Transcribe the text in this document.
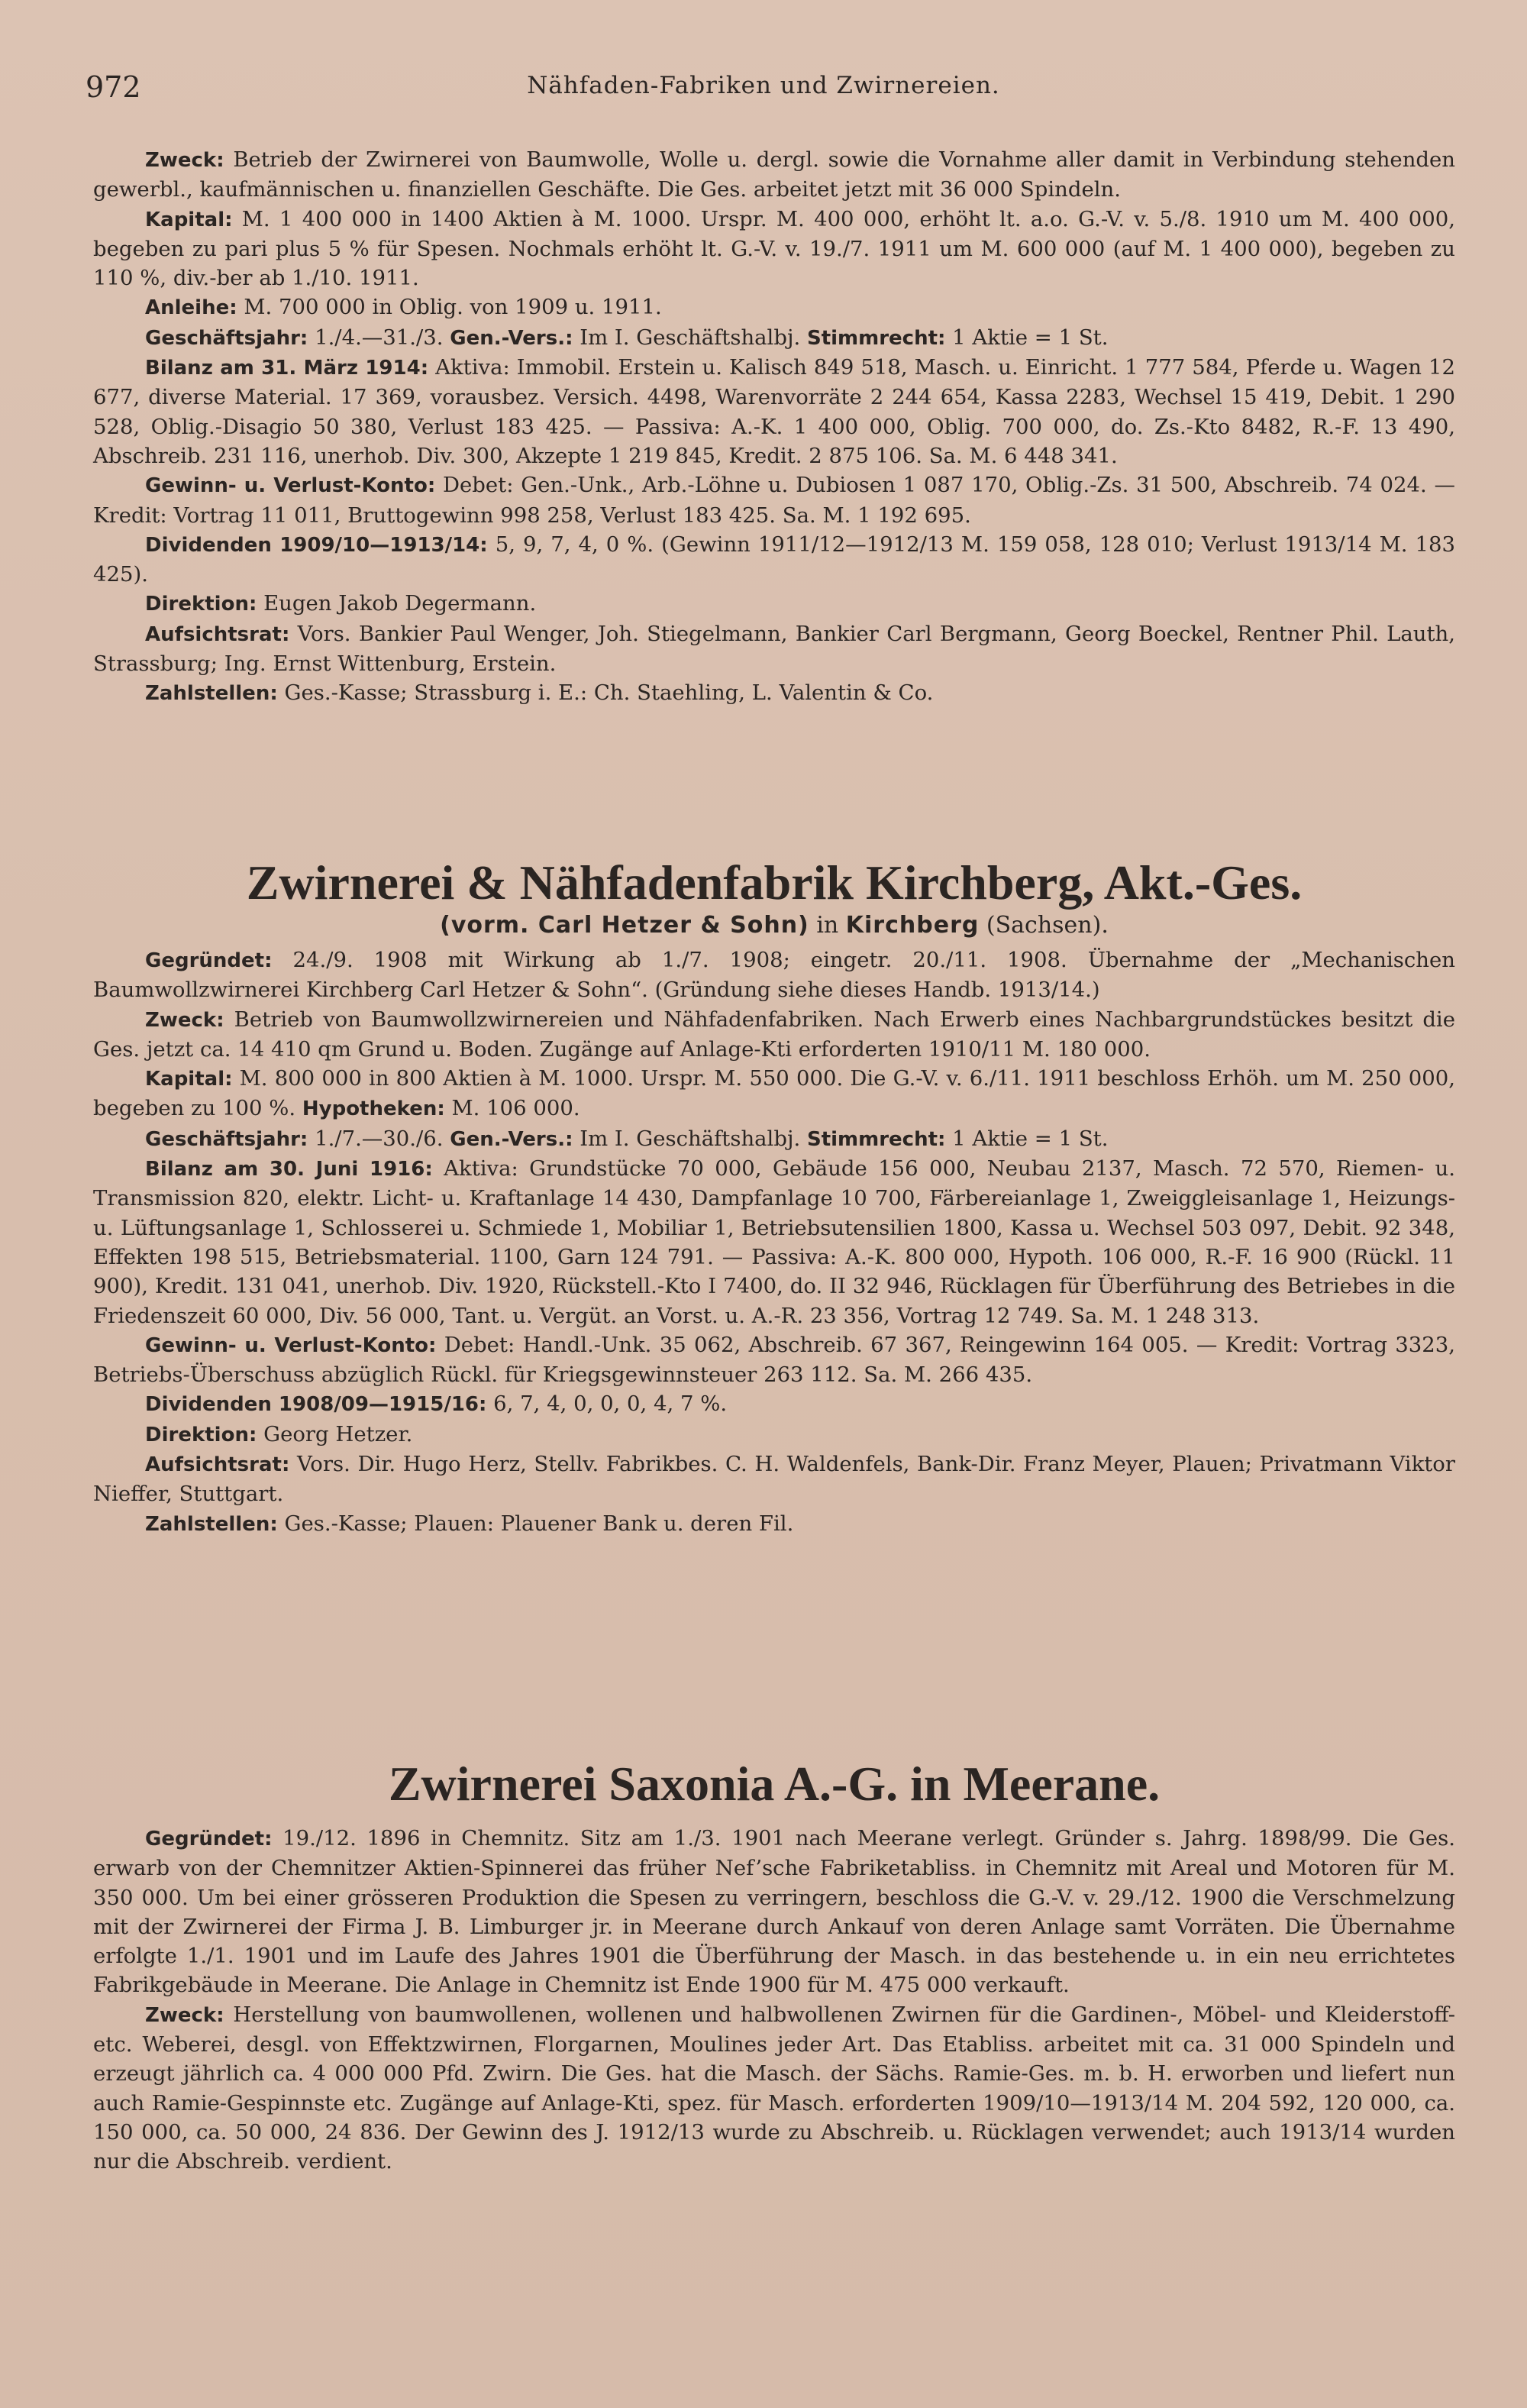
972	Nähfaden-Fabriken und Zwirnereien.

Zweck: Betrieb der Zwirnerei von Baumwolle, Wolle u. dergl. sowie die Vornahme aller damit in Verbindung stehenden gewerbl., kaufmännischen u. finanziellen Geschäfte. Die Ges. arbeitet jetzt mit 36 000 Spindeln.

Kapital: M. 1 400 000 in 1400 Aktien à M. 1000. Urspr. M. 400 000, erhöht lt. a.o. G.-V. v. 5./8. 1910 um M. 400 000, begeben zu pari plus 5 % für Spesen. Nochmals erhöht lt. G.-V. v. 19./7. 1911 um M. 600 000 (auf M. 1 400 000), begeben zu 110 %, div.-ber ab 1./10. 1911.

Anleihe: M. 700 000 in Oblig. von 1909 u. 1911.

Geschäftsjahr: 1./4.—31./3. Gen.-Vers.: Im I. Geschäftshalbj. Stimmrecht: 1 Aktie = 1 St.

Bilanz am 31. März 1914: Aktiva: Immobil. Erstein u. Kalisch 849 518, Masch. u. Einricht. 1 777 584, Pferde u. Wagen 12 677, diverse Material. 17 369, vorausbez. Versich. 4498, Warenvorräte 2 244 654, Kassa 2283, Wechsel 15 419, Debit. 1 290 528, Oblig.-Disagio 50 380, Verlust 183 425. — Passiva: A.-K. 1 400 000, Oblig. 700 000, do. Zs.-Kto 8482, R.-F. 13 490, Abschreib. 231 116, unerhob. Div. 300, Akzepte 1 219 845, Kredit. 2 875 106. Sa. M. 6 448 341.

Gewinn- u. Verlust-Konto: Debet: Gen.-Unk., Arb.-Löhne u. Dubiosen 1 087 170, Oblig.-Zs. 31 500, Abschreib. 74 024. — Kredit: Vortrag 11 011, Bruttogewinn 998 258, Verlust 183 425. Sa. M. 1 192 695.

Dividenden 1909/10—1913/14: 5, 9, 7, 4, 0 %. (Gewinn 1911/12—1912/13 M. 159 058, 128 010; Verlust 1913/14 M. 183 425).

Direktion: Eugen Jakob Degermann.

Aufsichtsrat: Vors. Bankier Paul Wenger, Joh. Stiegelmann, Bankier Carl Bergmann, Georg Boeckel, Rentner Phil. Lauth, Strassburg; Ing. Ernst Wittenburg, Erstein.

Zahlstellen: Ges.-Kasse; Strassburg i. E.: Ch. Staehling, L. Valentin & Co.

Zwirnerei & Nähfadenfabrik Kirchberg, Akt.-Ges.

(vorm. Carl Hetzer & Sohn) in Kirchberg (Sachsen).

Gegründet: 24./9. 1908 mit Wirkung ab 1./7. 1908; eingetr. 20./11. 1908. Übernahme der „Mechanischen Baumwollzwirnerei Kirchberg Carl Hetzer & Sohn“. (Gründung siehe dieses Handb. 1913/14.)

Zweck: Betrieb von Baumwollzwirnereien und Nähfadenfabriken. Nach Erwerb eines Nachbargrundstückes besitzt die Ges. jetzt ca. 14 410 qm Grund u. Boden. Zugänge auf Anlage-Kti erforderten 1910/11 M. 180 000.

Kapital: M. 800 000 in 800 Aktien à M. 1000. Urspr. M. 550 000. Die G.-V. v. 6./11. 1911 beschloss Erhöh. um M. 250 000, begeben zu 100 %. Hypotheken: M. 106 000.

Geschäftsjahr: 1./7.—30./6. Gen.-Vers.: Im I. Geschäftshalbj. Stimmrecht: 1 Aktie = 1 St.

Bilanz am 30. Juni 1916: Aktiva: Grundstücke 70 000, Gebäude 156 000, Neubau 2137, Masch. 72 570, Riemen- u. Transmission 820, elektr. Licht- u. Kraftanlage 14 430, Dampfanlage 10 700, Färbereianlage 1, Zweiggleisanlage 1, Heizungs- u. Lüftungsanlage 1, Schlosserei u. Schmiede 1, Mobiliar 1, Betriebsutensilien 1800, Kassa u. Wechsel 503 097, Debit. 92 348, Effekten 198 515, Betriebsmaterial. 1100, Garn 124 791. — Passiva: A.-K. 800 000, Hypoth. 106 000, R.-F. 16 900 (Rückl. 11 900), Kredit. 131 041, unerhob. Div. 1920, Rückstell.-Kto I 7400, do. II 32 946, Rücklagen für Überführung des Betriebes in die Friedenszeit 60 000, Div. 56 000, Tant. u. Vergüt. an Vorst. u. A.-R. 23 356, Vortrag 12 749. Sa. M. 1 248 313.

Gewinn- u. Verlust-Konto: Debet: Handl.-Unk. 35 062, Abschreib. 67 367, Reingewinn 164 005. — Kredit: Vortrag 3323, Betriebs-Überschuss abzüglich Rückl. für Kriegsgewinnsteuer 263 112. Sa. M. 266 435.

Dividenden 1908/09—1915/16: 6, 7, 4, 0, 0, 0, 4, 7 %.

Direktion: Georg Hetzer.

Aufsichtsrat: Vors. Dir. Hugo Herz, Stellv. Fabrikbes. C. H. Waldenfels, Bank-Dir. Franz Meyer, Plauen; Privatmann Viktor Nieffer, Stuttgart.

Zahlstellen: Ges.-Kasse; Plauen: Plauener Bank u. deren Fil.

Zwirnerei Saxonia A.-G. in Meerane.

Gegründet: 19./12. 1896 in Chemnitz. Sitz am 1./3. 1901 nach Meerane verlegt. Gründer s. Jahrg. 1898/99. Die Ges. erwarb von der Chemnitzer Aktien-Spinnerei das früher Nef’sche Fabriketabliss. in Chemnitz mit Areal und Motoren für M. 350 000. Um bei einer grösseren Produktion die Spesen zu verringern, beschloss die G.-V. v. 29./12. 1900 die Verschmelzung mit der Zwirnerei der Firma J. B. Limburger jr. in Meerane durch Ankauf von deren Anlage samt Vorräten. Die Übernahme erfolgte 1./1. 1901 und im Laufe des Jahres 1901 die Überführung der Masch. in das bestehende u. in ein neu errichtetes Fabrikgebäude in Meerane. Die Anlage in Chemnitz ist Ende 1900 für M. 475 000 verkauft.

Zweck: Herstellung von baumwollenen, wollenen und halbwollenen Zwirnen für die Gardinen-, Möbel- und Kleiderstoff- etc. Weberei, desgl. von Effektzwirnen, Florgarnen, Moulines jeder Art. Das Etabliss. arbeitet mit ca. 31 000 Spindeln und erzeugt jährlich ca. 4 000 000 Pfd. Zwirn. Die Ges. hat die Masch. der Sächs. Ramie-Ges. m. b. H. erworben und liefert nun auch Ramie-Gespinnste etc. Zugänge auf Anlage-Kti, spez. für Masch. erforderten 1909/10—1913/14 M. 204 592, 120 000, ca. 150 000, ca. 50 000, 24 836. Der Gewinn des J. 1912/13 wurde zu Abschreib. u. Rücklagen verwendet; auch 1913/14 wurden nur die Abschreib. verdient.
